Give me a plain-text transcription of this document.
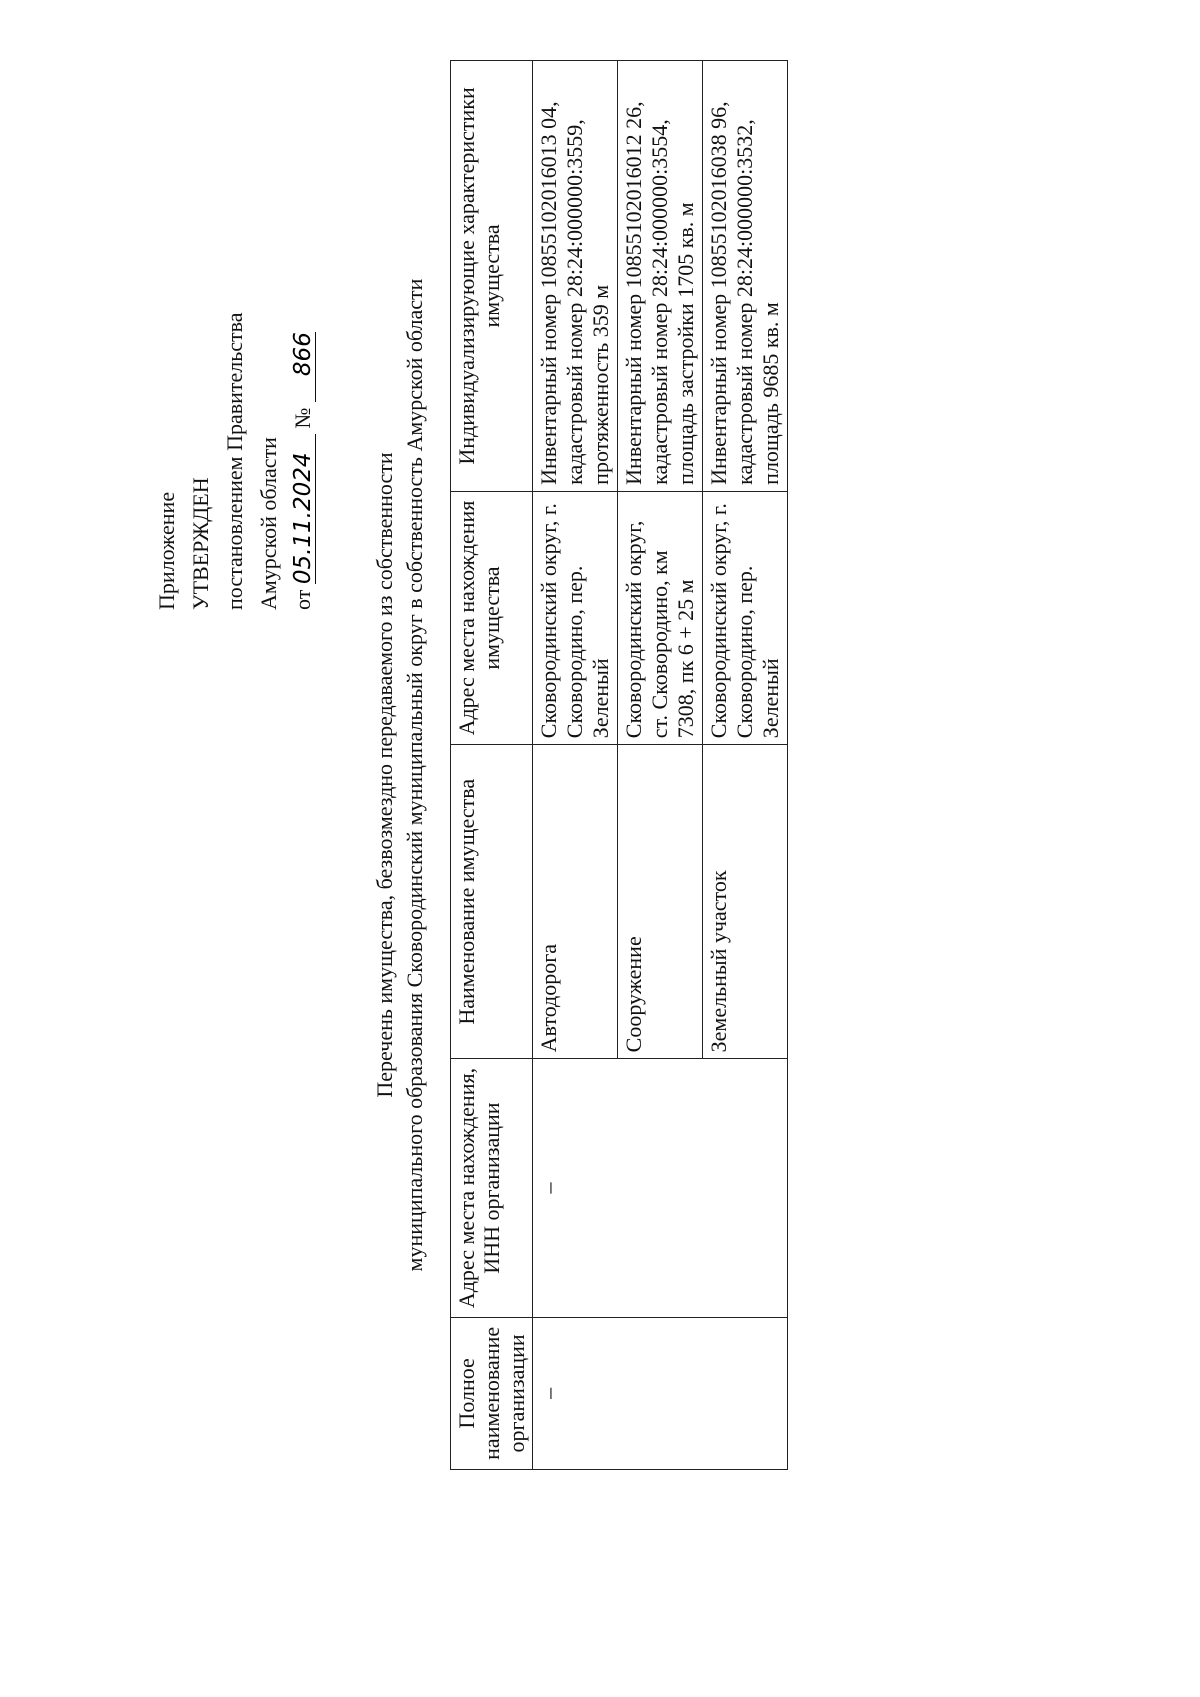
Приложение УТВЕРЖДЕН постановлением Правительства Амурской области от 05.11.2024 № 866
Перечень имущества, безвозмездно передаваемого из собственности муниципального образования Сковородинский муниципальный округ в собственность Амурской области
Полное наименование организации	Адрес места нахождения, ИНН организации	Наименование имущества	Адрес места нахождения имущества	Индивидуализирующие характеристики имущества
–	–	Автодорога	Сковородинский округ, г. Сковородино, пер. Зеленый	Инвентарный номер 10855102016013 04, кадастровый номер 28:24:000000:3559, протяженность 359 м
		Сооружение	Сковородинский округ, ст. Сковородино, км 7308, пк 6 + 25 м	Инвентарный номер 10855102016012 26, кадастровый номер 28:24:000000:3554, площадь застройки 1705 кв. м
		Земельный участок	Сковородинский округ, г. Сковородино, пер. Зеленый	Инвентарный номер 10855102016038 96, кадастровый номер 28:24:000000:3532, площадь 9685 кв. м
